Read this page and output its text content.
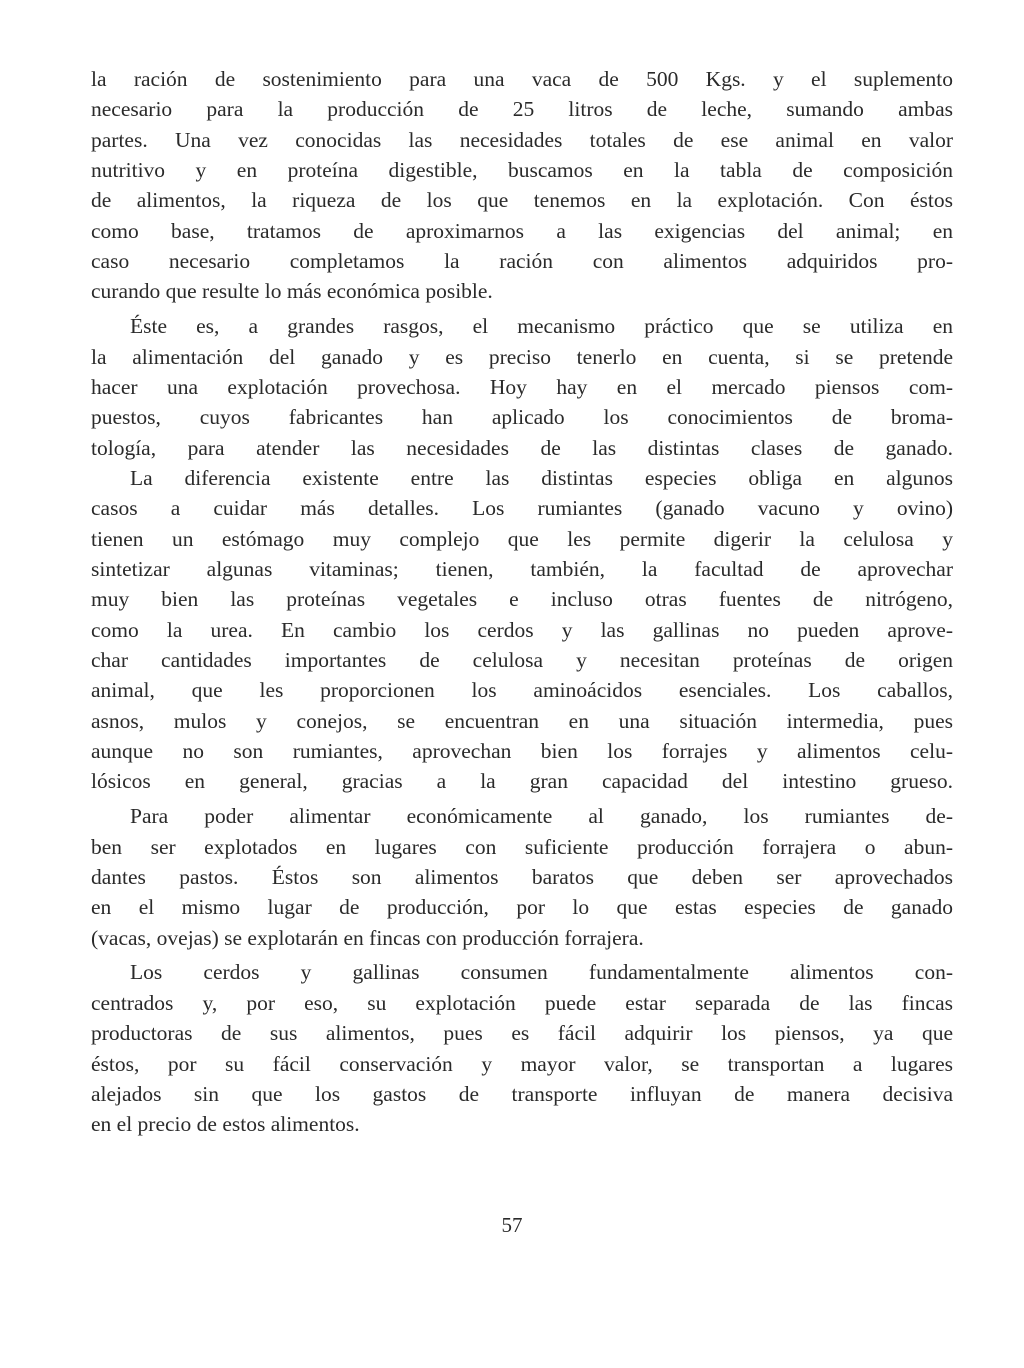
la ración de sostenimiento para una vaca de 500 Kgs. y el suplemento
necesario para la producción de 25 litros de leche, sumando ambas
partes. Una vez conocidas las necesidades totales de ese animal en valor
nutritivo y en proteína digestible, buscamos en la tabla de composición
de alimentos, la riqueza de los que tenemos en la explotación. Con éstos
como base, tratamos de aproximarnos a las exigencias del animal; en
caso necesario completamos la ración con alimentos adquiridos pro-
curando que resulte lo más económica posible.
Éste es, a grandes rasgos, el mecanismo práctico que se utiliza en
la alimentación del ganado y es preciso tenerlo en cuenta, si se pretende
hacer una explotación provechosa. Hoy hay en el mercado piensos com-
puestos, cuyos fabricantes han aplicado los conocimientos de broma-
tología, para atender las necesidades de las distintas clases de ganado.
La diferencia existente entre las distintas especies obliga en algunos
casos a cuidar más detalles. Los rumiantes (ganado vacuno y ovino)
tienen un estómago muy complejo que les permite digerir la celulosa y
sintetizar algunas vitaminas; tienen, también, la facultad de aprovechar
muy bien las proteínas vegetales e incluso otras fuentes de nitrógeno,
como la urea. En cambio los cerdos y las gallinas no pueden aprove-
char cantidades importantes de celulosa y necesitan proteínas de origen
animal, que les proporcionen los aminoácidos esenciales. Los caballos,
asnos, mulos y conejos, se encuentran en una situación intermedia, pues
aunque no son rumiantes, aprovechan bien los forrajes y alimentos celu-
lósicos en general, gracias a la gran capacidad del intestino grueso.
Para poder alimentar económicamente al ganado, los rumiantes de-
ben ser explotados en lugares con suficiente producción forrajera o abun-
dantes pastos. Éstos son alimentos baratos que deben ser aprovechados
en el mismo lugar de producción, por lo que estas especies de ganado
(vacas, ovejas) se explotarán en fincas con producción forrajera.
Los cerdos y gallinas consumen fundamentalmente alimentos con-
centrados y, por eso, su explotación puede estar separada de las fincas
productoras de sus alimentos, pues es fácil adquirir los piensos, ya que
éstos, por su fácil conservación y mayor valor, se transportan a lugares
alejados sin que los gastos de transporte influyan de manera decisiva
en el precio de estos alimentos.
57
